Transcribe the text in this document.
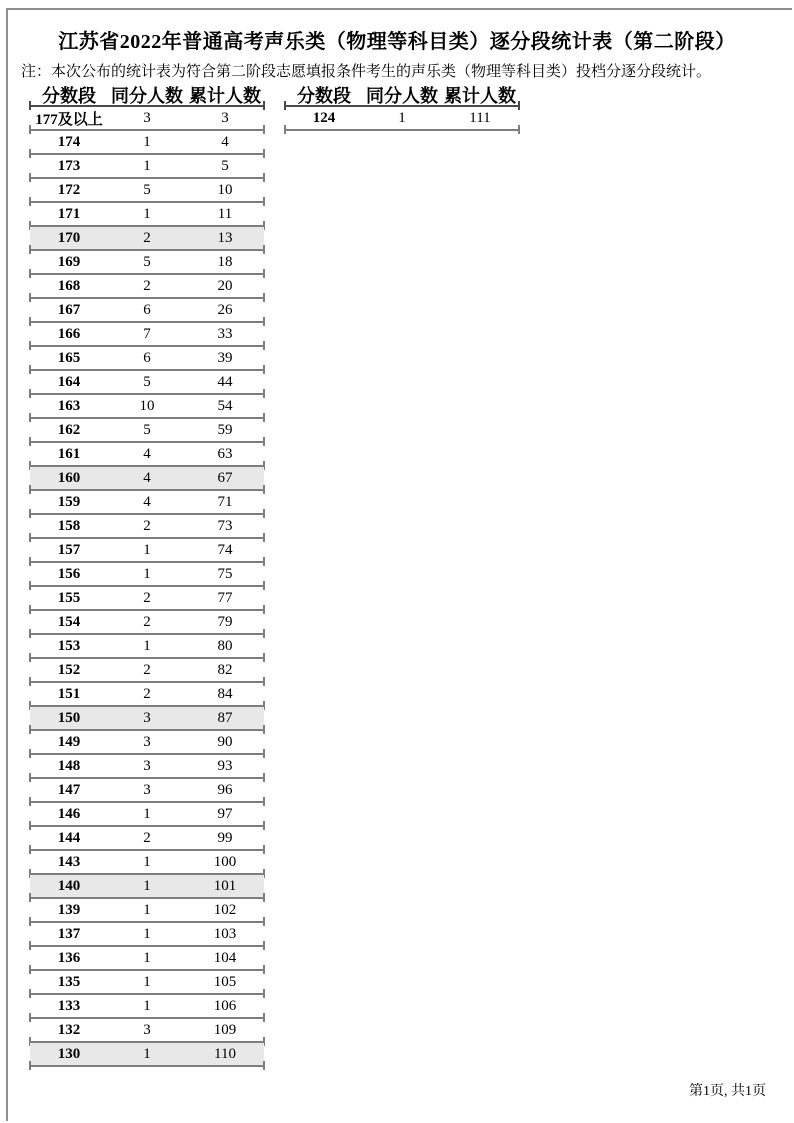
江苏省2022年普通高考声乐类（物理等科目类）逐分段统计表（第二阶段）
注：本次公布的统计表为符合第二阶段志愿填报条件考生的声乐类（物理等科目类）投档分逐分段统计。
分数段 同分人数 累计人数
177及以上	3	3
174	1	4
173	1	5
172	5	10
171	1	11
170	2	13
169	5	18
168	2	20
167	6	26
166	7	33
165	6	39
164	5	44
163	10	54
162	5	59
161	4	63
160	4	67
159	4	71
158	2	73
157	1	74
156	1	75
155	2	77
154	2	79
153	1	80
152	2	82
151	2	84
150	3	87
149	3	90
148	3	93
147	3	96
146	1	97
144	2	99
143	1	100
140	1	101
139	1	102
137	1	103
136	1	104
135	1	105
133	1	106
132	3	109
130	1	110
分数段 同分人数 累计人数
124	1	111
第1页, 共1页
